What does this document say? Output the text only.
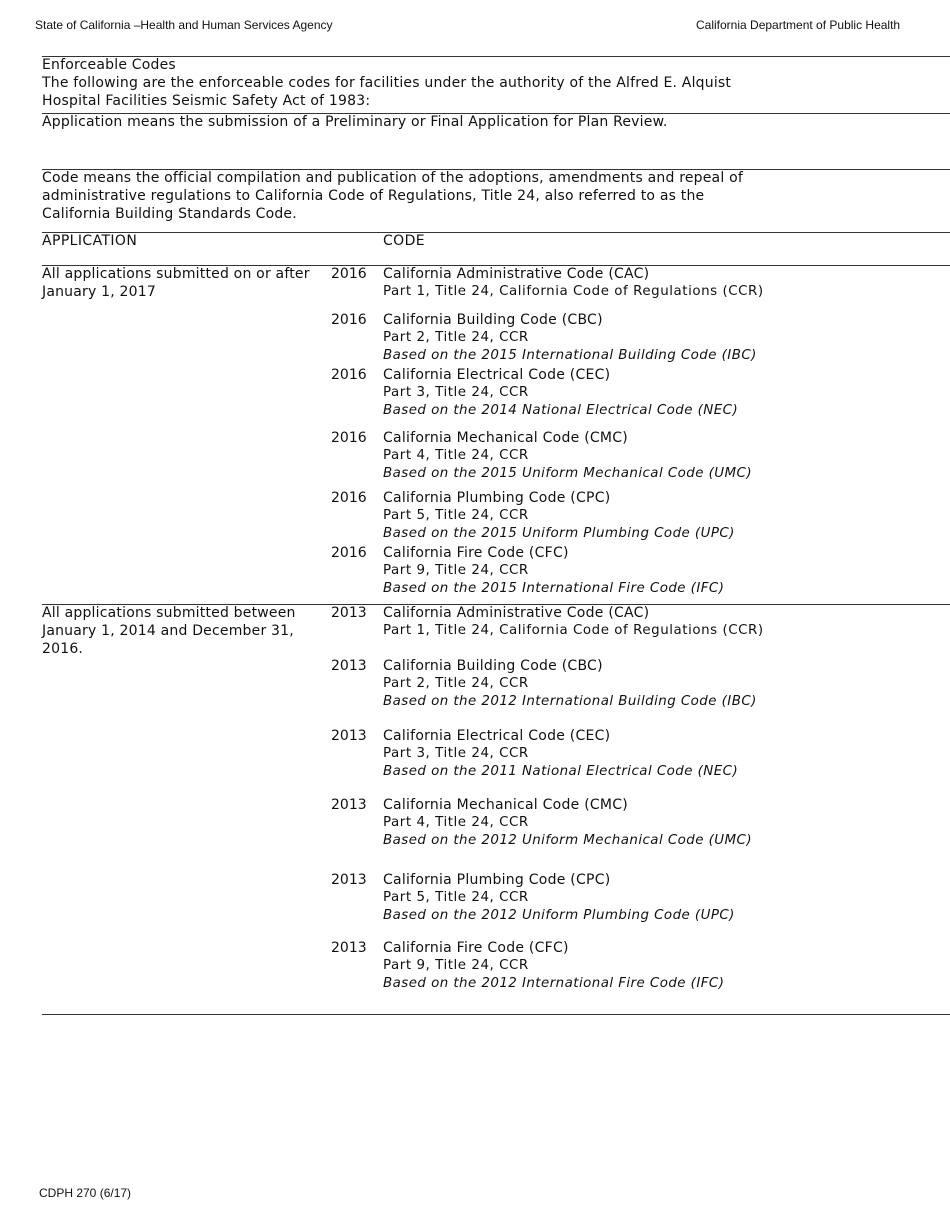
State of California –Health and Human Services Agency	California Department of Public Health
Enforceable Codes
The following are the enforceable codes for facilities under the authority of the Alfred E. Alquist
Hospital Facilities Seismic Safety Act of 1983:
Application means the submission of a Preliminary or Final Application for Plan Review.
Code means the official compilation and publication of the adoptions, amendments and repeal of
administrative regulations to California Code of Regulations, Title 24, also referred to as the
California Building Standards Code.
APPLICATION	CODE
All applications submitted on or after
January 1, 2017
2016 California Administrative Code (CAC)
Part 1, Title 24, California Code of Regulations (CCR)
2016 California Building Code (CBC)
Part 2, Title 24, CCR
Based on the 2015 International Building Code (IBC)
2016 California Electrical Code (CEC)
Part 3, Title 24, CCR
Based on the 2014 National Electrical Code (NEC)
2016 California Mechanical Code (CMC)
Part 4, Title 24, CCR
Based on the 2015 Uniform Mechanical Code (UMC)
2016 California Plumbing Code (CPC)
Part 5, Title 24, CCR
Based on the 2015 Uniform Plumbing Code (UPC)
2016 California Fire Code (CFC)
Part 9, Title 24, CCR
Based on the 2015 International Fire Code (IFC)
All applications submitted between
January 1, 2014 and December 31,
2016.
2013 California Administrative Code (CAC)
Part 1, Title 24, California Code of Regulations (CCR)
2013 California Building Code (CBC)
Part 2, Title 24, CCR
Based on the 2012 International Building Code (IBC)
2013 California Electrical Code (CEC)
Part 3, Title 24, CCR
Based on the 2011 National Electrical Code (NEC)
2013 California Mechanical Code (CMC)
Part 4, Title 24, CCR
Based on the 2012 Uniform Mechanical Code (UMC)
2013 California Plumbing Code (CPC)
Part 5, Title 24, CCR
Based on the 2012 Uniform Plumbing Code (UPC)
2013 California Fire Code (CFC)
Part 9, Title 24, CCR
Based on the 2012 International Fire Code (IFC)
CDPH 270 (6/17)
